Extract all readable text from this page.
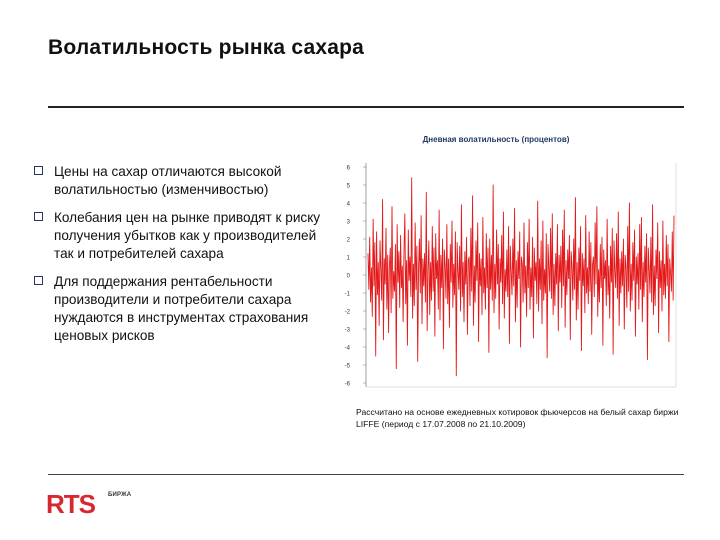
Волатильность рынка сахара
Цены на сахар отличаются высокой волатильностью (изменчивостью)
Колебания цен на рынке приводят к риску получения убытков как у производителей так и потребителей сахара
Для поддержания рентабельности производители и потребители сахара нуждаются в инструментах страхования ценовых рисков
Дневная волатильность (процентов)
6
5
4
3
2
1
0
-1
-2
-3
-4
-5
-6
Рассчитано на основе ежедневных котировок фьючерсов на белый сахар биржи LIFFE (период с 17.07.2008 по 21.10.2009)
RTS БИРЖА
